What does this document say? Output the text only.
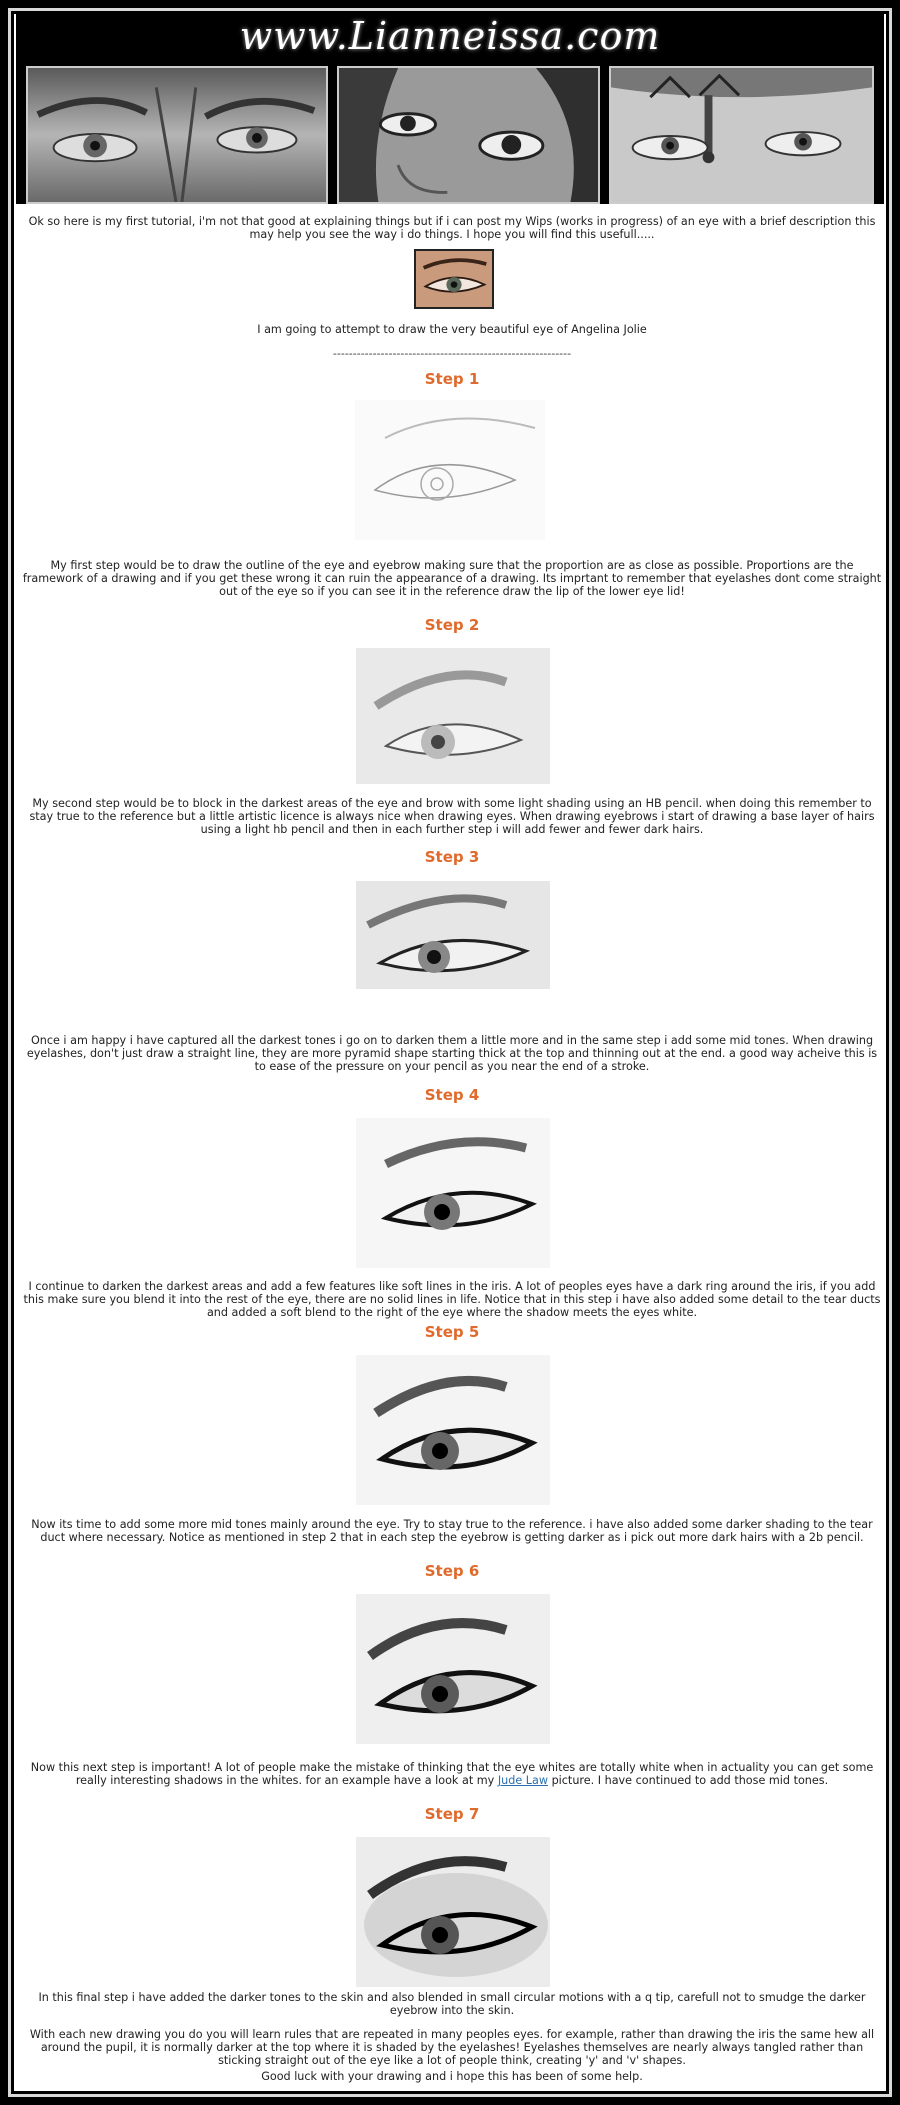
www.Lianneissa.com
Ok so here is my first tutorial, i'm not that good at explaining things but if i can post my Wips (works in progress) of an eye with a brief description this may help you see the way i do things. I hope you will find this usefull.....
I am going to attempt to draw the very beautiful eye of Angelina Jolie
------------------------------------------------------------
Step 1
My first step would be to draw the outline of the eye and eyebrow making sure that the proportion are as close as possible. Proportions are the framework of a drawing and if you get these wrong it can ruin the appearance of a drawing. Its imprtant to remember that eyelashes dont come straight out of the eye so if you can see it in the reference draw the lip of the lower eye lid!
Step 2
My second step would be to block in the darkest areas of the eye and brow with some light shading using an HB pencil. when doing this remember to stay true to the reference but a little artistic licence is always nice when drawing eyes. When drawing eyebrows i start of drawing a base layer of hairs using a light hb pencil and then in each further step i will add fewer and fewer dark hairs.
Step 3
Once i am happy i have captured all the darkest tones i go on to darken them a little more and in the same step i add some mid tones. When drawing eyelashes, don't just draw a straight line, they are more pyramid shape starting thick at the top and thinning out at the end. a good way acheive this is to ease of the pressure on your pencil as you near the end of a stroke.
Step 4
I continue to darken the darkest areas and add a few features like soft lines in the iris. A lot of peoples eyes have a dark ring around the iris, if you add this make sure you blend it into the rest of the eye, there are no solid lines in life. Notice that in this step i have also added some detail to the tear ducts and added a soft blend to the right of the eye where the shadow meets the eyes white.
Step 5
Now its time to add some more mid tones mainly around the eye. Try to stay true to the reference. i have also added some darker shading to the tear duct where necessary. Notice as mentioned in step 2 that in each step the eyebrow is getting darker as i pick out more dark hairs with a 2b pencil.
Step 6
Now this next step is important! A lot of people make the mistake of thinking that the eye whites are totally white when in actuality you can get some really interesting shadows in the whites. for an example have a look at my Jude Law picture. I have continued to add those mid tones.
Step 7
In this final step i have added the darker tones to the skin and also blended in small circular motions with a q tip, carefull not to smudge the darker eyebrow into the skin.
With each new drawing you do you will learn rules that are repeated in many peoples eyes. for example, rather than drawing the iris the same hew all around the pupil, it is normally darker at the top where it is shaded by the eyelashes! Eyelashes themselves are nearly always tangled rather than sticking straight out of the eye like a lot of people think, creating 'y' and 'v' shapes.
Good luck with your drawing and i hope this has been of some help.
